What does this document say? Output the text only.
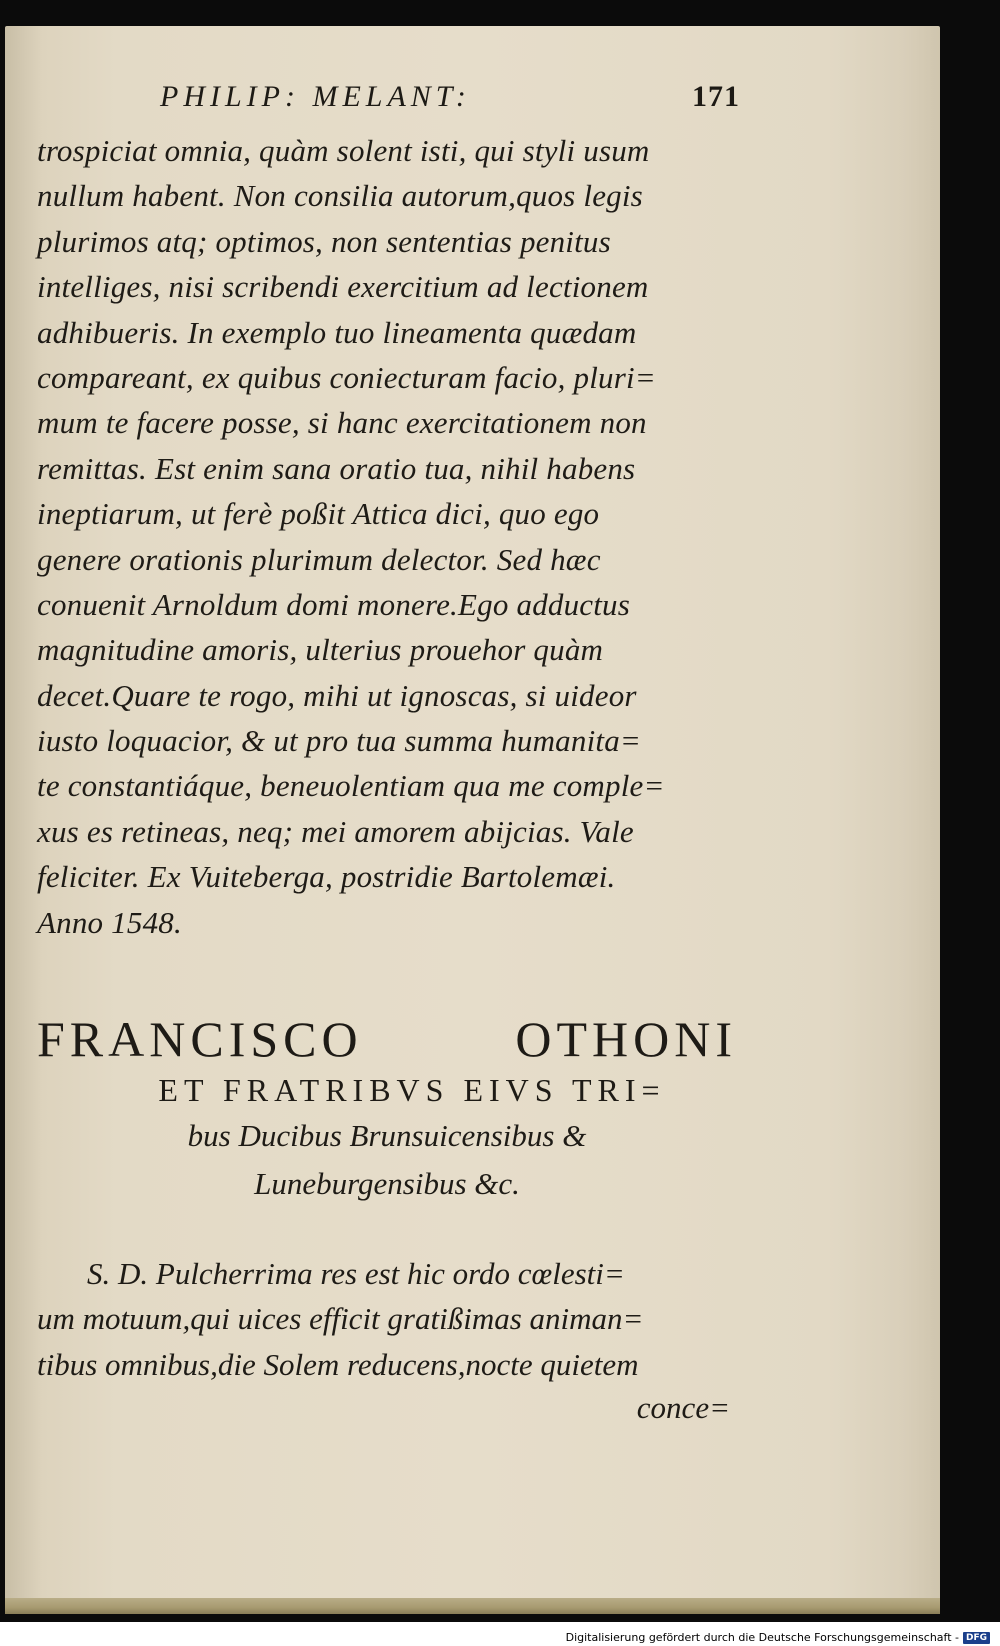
PHILIP: MELANT:	171
trospiciat omnia, quàm solent isti, qui styli usum
nullum habent. Non consilia autorum,quos legis
plurimos atq; optimos, non sententias penitus
intelliges, nisi scribendi exercitium ad lectionem
adhibueris. In exemplo tuo lineamenta quædam
compareant, ex quibus coniecturam facio, pluri=
mum te facere posse, si hanc exercitationem non
remittas. Est enim sana oratio tua, nihil habens
ineptiarum, ut ferè poßit Attica dici, quo ego
genere orationis plurimum delector. Sed hæc
conuenit Arnoldum domi monere.Ego adductus
magnitudine amoris, ulterius prouehor quàm
decet.Quare te rogo, mihi ut ignoscas, si uideor
iusto loquacior, & ut pro tua summa humanita=
te constantiáque, beneuolentiam qua me comple=
xus es retineas, neq; mei amorem abijcias. Vale
feliciter. Ex Vuiteberga, postridie Bartolemæi.
Anno 1548.
FRANCISCO OTHONI
ET FRATRIBVS EIVS TRI=
bus Ducibus Brunsuicensibus &
Luneburgensibus &c.
S. D. Pulcherrima res est hic ordo cœlesti=
um motuum,qui uices efficit gratißimas animan=
tibus omnibus,die Solem reducens,nocte quietem
conce=
Digitalisierung gefördert durch die Deutsche Forschungsgemeinschaft - DFG
